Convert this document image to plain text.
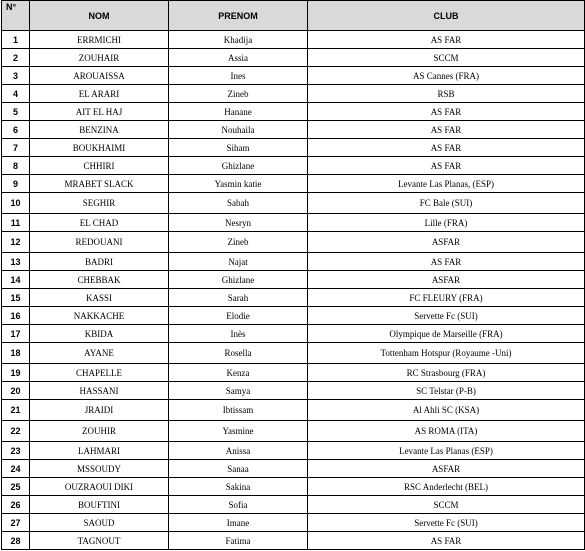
N°	NOM	PRENOM	CLUB
1	ERRMICHI	Khadija	AS FAR
2	ZOUHAIR	Assia	SCCM
3	AROUAISSA	Ines	AS Cannes (FRA)
4	EL ARARI	Zineb	RSB
5	AIT EL HAJ	Hanane	AS FAR
6	BENZINA	Nouhaila	AS FAR
7	BOUKHAIMI	Siham	AS FAR
8	CHHIRI	Ghizlane	AS FAR
9	MRABET SLACK	Yasmin katie	Levante Las Planas, (ESP)
10	SEGHIR	Sabah	FC Bale (SUI)
11	EL CHAD	Nesryn	Lille (FRA)
12	REDOUANI	Zineb	ASFAR
13	BADRI	Najat	AS FAR
14	CHEBBAK	Ghizlane	ASFAR
15	KASSI	Sarah	FC FLEURY (FRA)
16	NAKKACHE	Elodie	Servette Fc (SUI)
17	KBIDA	Inès	Olympique de Marseille (FRA)
18	AYANE	Rosella	Tottenham Hotspur (Royaume -Uni)
19	CHAPELLE	Kenza	RC Strasbourg (FRA)
20	HASSANI	Samya	SC Telstar (P-B)
21	JRAIDI	Ibtissam	Al Ahli SC (KSA)
22	ZOUHIR	Yasmine	AS ROMA (ITA)
23	LAHMARI	Anissa	Levante Las Planas (ESP)
24	MSSOUDY	Sanaa	ASFAR
25	OUZRAOUI DIKI	Sakina	RSC Anderlecht (BEL)
26	BOUFTINI	Sofia	SCCM
27	SAOUD	Imane	Servette Fc (SUI)
28	TAGNOUT	Fatima	AS FAR
